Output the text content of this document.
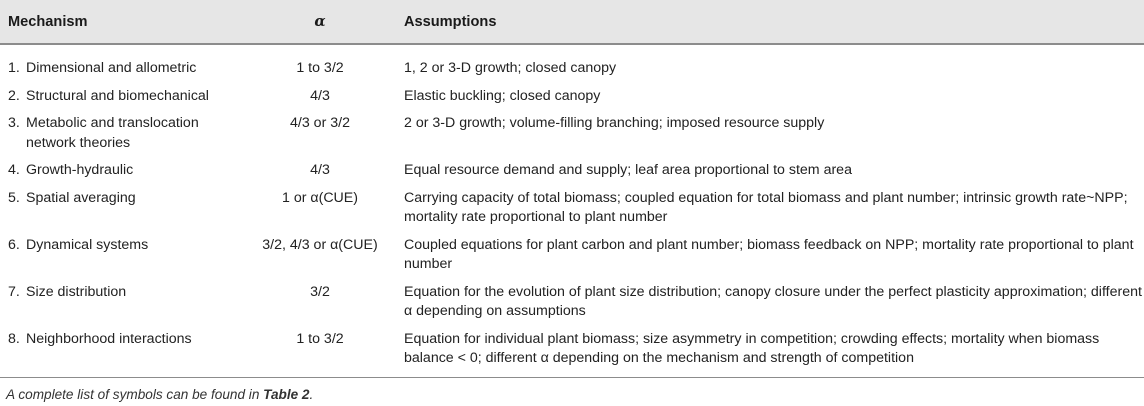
Mechanism	α	Assumptions

1. Dimensional and allometric	1 to 3/2	1, 2 or 3-D growth; closed canopy

2. Structural and biomechanical	4/3	Elastic buckling; closed canopy

3. Metabolic and translocation network theories	4/3 or 3/2	2 or 3-D growth; volume-filling branching; imposed resource supply

4. Growth-hydraulic	4/3	Equal resource demand and supply; leaf area proportional to stem area

5. Spatial averaging	1 or α(CUE)	Carrying capacity of total biomass; coupled equation for total biomass and plant number; intrinsic growth rate~NPP; mortality rate proportional to plant number

6. Dynamical systems	3/2, 4/3 or α(CUE)	Coupled equations for plant carbon and plant number; biomass feedback on NPP; mortality rate proportional to plant number

7. Size distribution	3/2	Equation for the evolution of plant size distribution; canopy closure under the perfect plasticity approximation; different α depending on assumptions

8. Neighborhood interactions	1 to 3/2	Equation for individual plant biomass; size asymmetry in competition; crowding effects; mortality when biomass balance < 0; different α depending on the mechanism and strength of competition
A complete list of symbols can be found in Table 2.
